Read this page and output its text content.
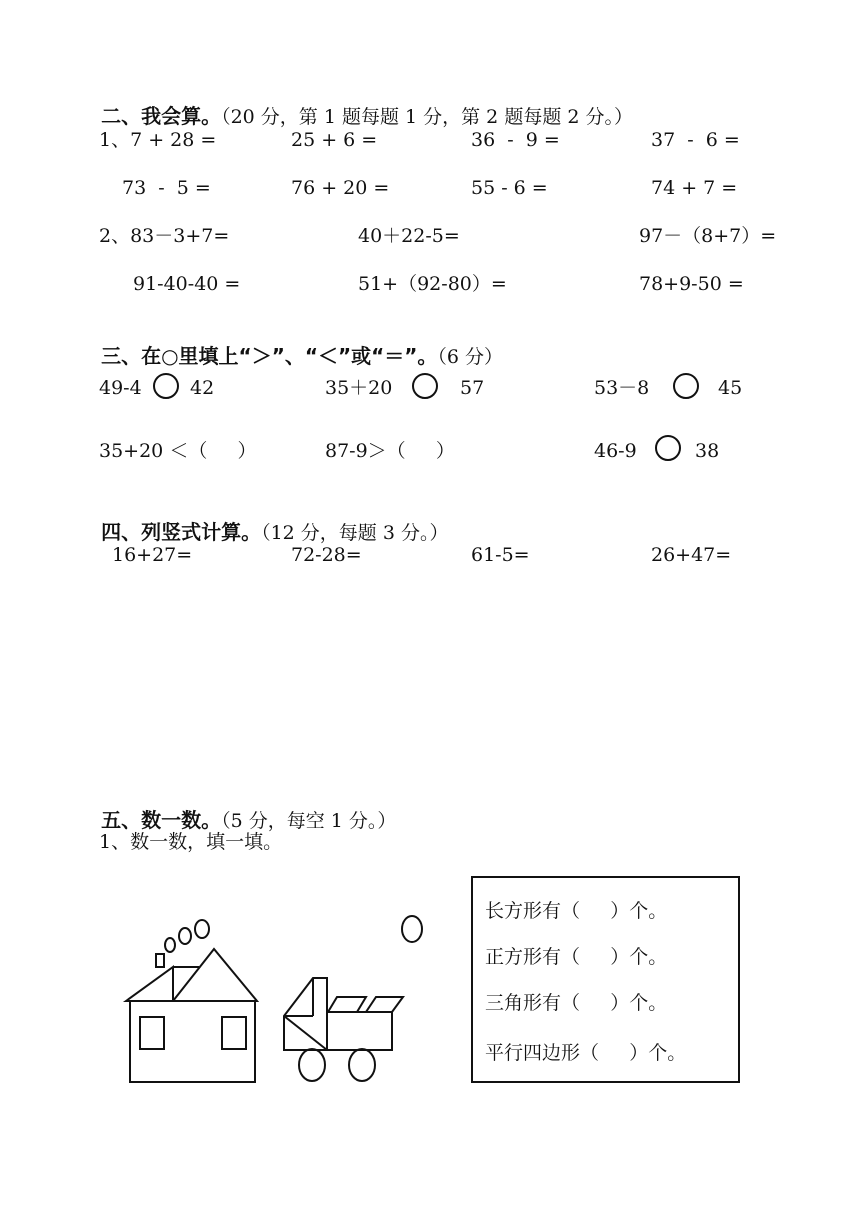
二、我会算。（20 分，第 1 题每题 1 分，第 2 题每题 2 分。）

1、7 + 28 =	25 + 6 =	36  -  9 =	37  -  6 =
73  -  5 =	76 + 20 =	55 - 6 =	74 + 7 =
2、83－3+7=	40＋22-5=	97－（8+7）=
91-40-40 =	51+（92-80）=	78+9-50 =

三、在○里填上“＞”、“＜”或“＝”。（6 分）

49-4	42	35＋20	57	53－8	45
35+20 ＜（     ）	87-9＞（     ）	46-9	38

四、列竖式计算。（12 分，每题 3 分。）

16+27=	72-28=	61-5=	26+47=

五、数一数。（5 分，每空 1 分。）

1、数一数，填一填。
长方形有（     ）个。
正方形有（     ）个。
三角形有（     ）个。
平行四边形（     ）个。
